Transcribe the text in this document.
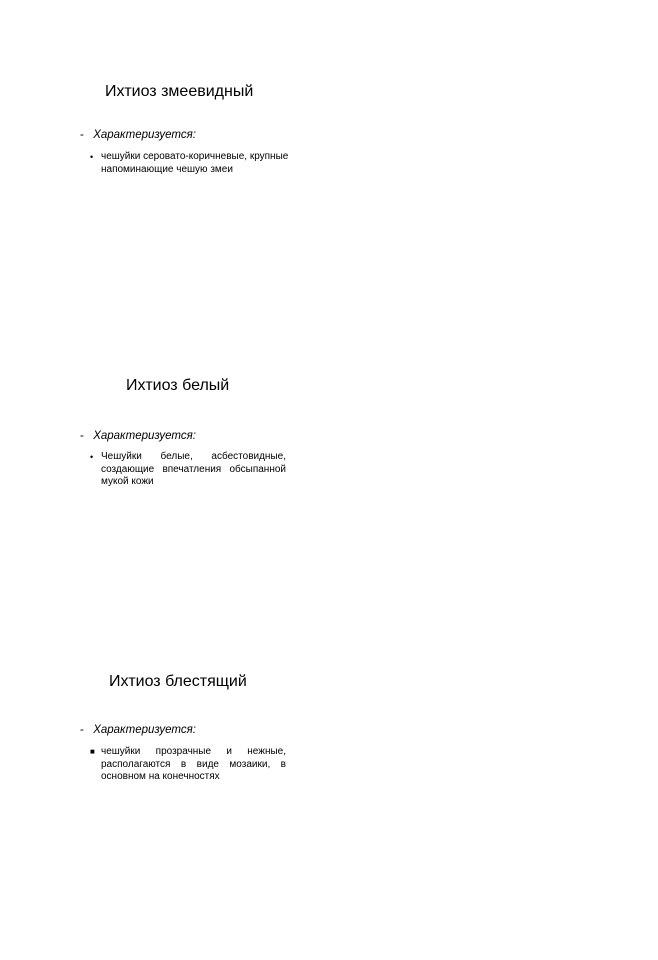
Ихтиоз змеевидный
- Характеризуется:
• чешуйки серовато-коричневые, крупные напоминающие чешую змеи
Ихтиоз белый
- Характеризуется:
• Чешуйки белые, асбестовидные, создающие впечатления обсыпанной мукой кожи
Ихтиоз блестящий
- Характеризуется:
■ чешуйки прозрачные и нежные, располагаются в виде мозаики, в основном на конечностях
